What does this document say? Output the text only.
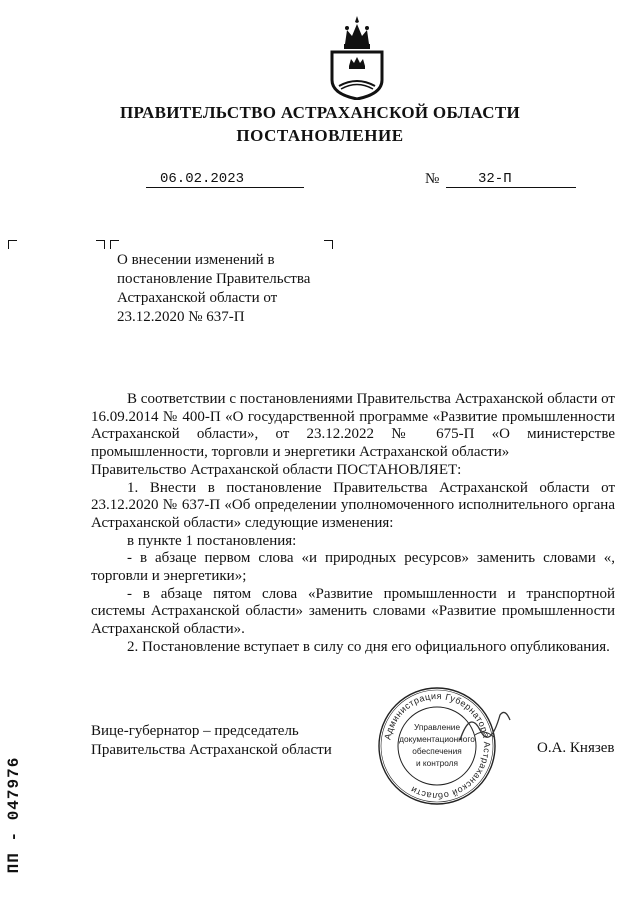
ПРАВИТЕЛЬСТВО АСТРАХАНСКОЙ ОБЛАСТИ
ПОСТАНОВЛЕНИЕ
06.02.2023	№	32-П
О внесении изменений в постановление Правительства Астраханской области от 23.12.2020 № 637-П

В соответствии с постановлениями Правительства Астраханской области от 16.09.2014 № 400-П «О государственной программе «Развитие промышленности Астраханской области», от 23.12.2022 № 675-П «О министерстве промышленности, торговли и энергетики Астраханской области»

Правительство Астраханской области ПОСТАНОВЛЯЕТ:

1. Внести в постановление Правительства Астраханской области от 23.12.2020 № 637-П «Об определении уполномоченного исполнительного органа Астраханской области» следующие изменения:

в пункте 1 постановления:

- в абзаце первом слова «и природных ресурсов» заменить словами «, торговли и энергетики»;

- в абзаце пятом слова «Развитие промышленности и транспортной системы Астраханской области» заменить словами «Развитие промышленности Астраханской области».

2. Постановление вступает в силу со дня его официального опубликования.

Вице-губернатор – председатель
Правительства Астраханской области	О.А. Князев
Администрация Губернатора Астраханской области
Управление
документационного
обеспечения
и контроля
ПП - 047976
